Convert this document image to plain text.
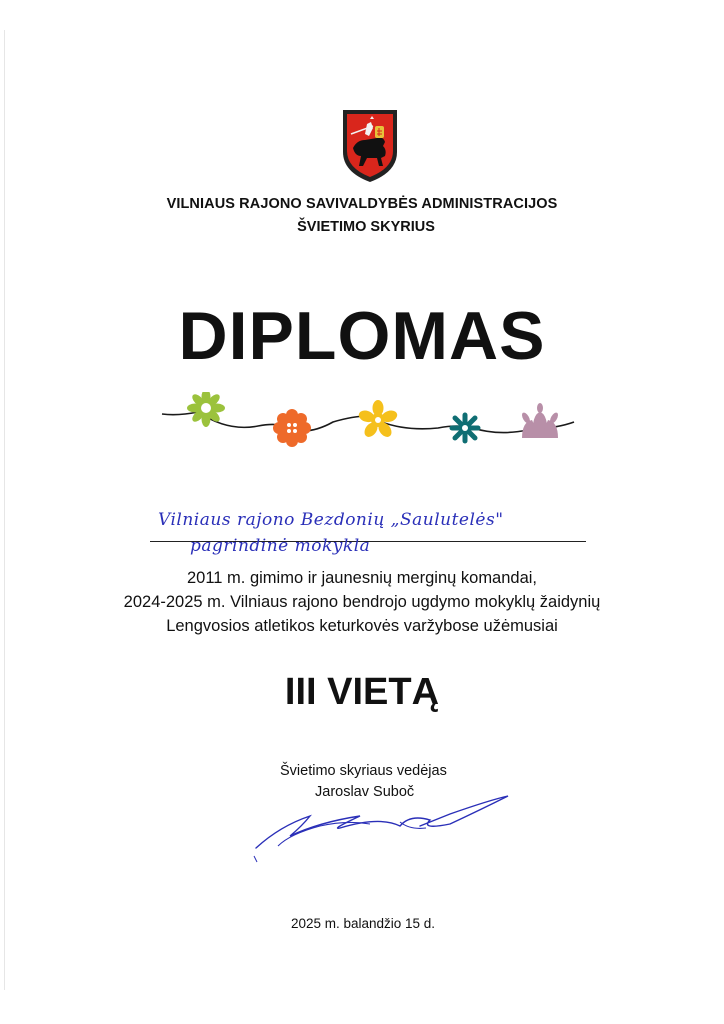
VILNIAUS RAJONO SAVIVALDYBĖS ADMINISTRACIJOS
ŠVIETIMO SKYRIUS
DIPLOMAS
Vilniaus rajono Bezdonių „Saulutelės"
pagrindinė mokykla
2011 m. gimimo ir jaunesnių merginų komandai,
2024-2025 m. Vilniaus rajono bendrojo ugdymo mokyklų žaidynių
Lengvosios atletikos keturkovės varžybose užėmusiai
III VIETĄ
Švietimo skyriaus vedėjas
Jaroslav Subоč
2025 m. balandžio 15 d.
